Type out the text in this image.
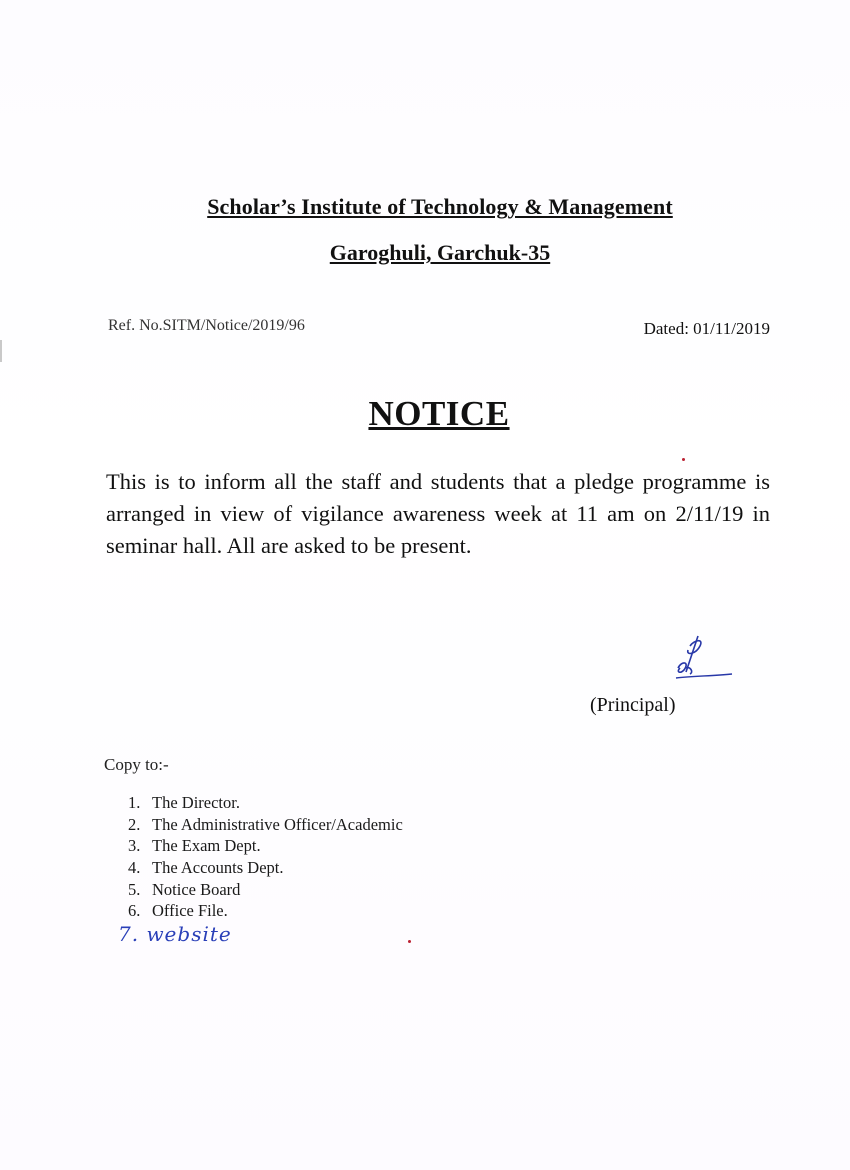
Scholar’s Institute of Technology & Management
Garoghuli, Garchuk-35
Ref. No.SITM/Notice/2019/96	Dated: 01/11/2019
NOTICE
This is to inform all the staff and students that a pledge programme is arranged in view of vigilance awareness week at 11 am on 2/11/19 in seminar hall. All are asked to be present.
(Principal)
Copy to:-
1. The Director.
2. The Administrative Officer/Academic
3. The Exam Dept.
4. The Accounts Dept.
5. Notice Board
6. Office File.
7. website
